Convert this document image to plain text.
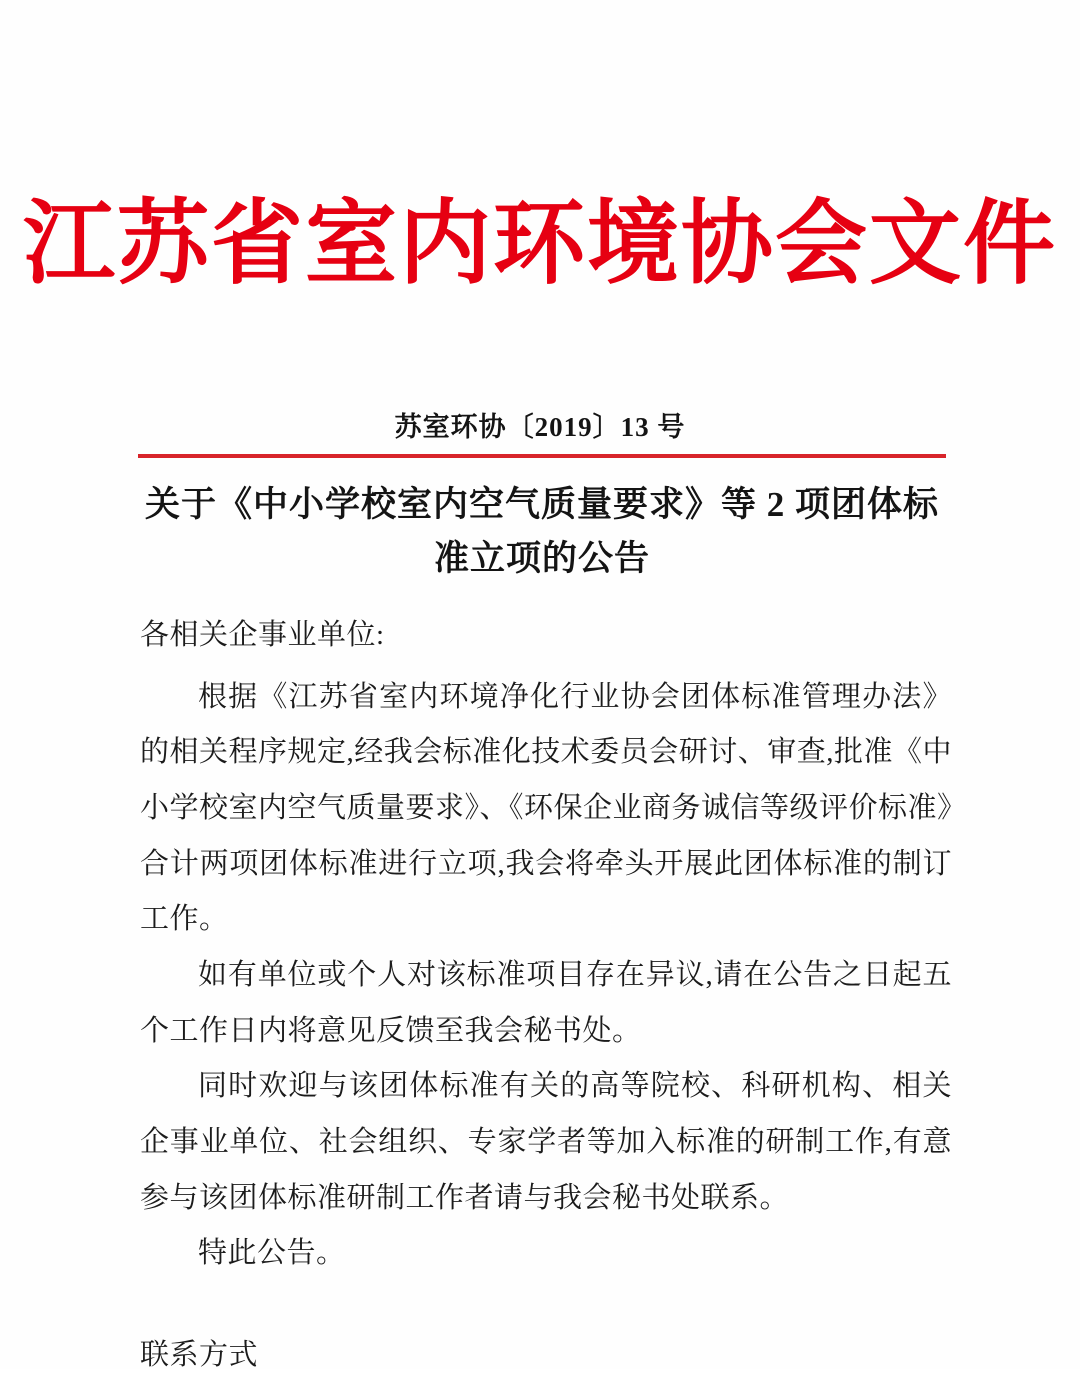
江苏省室内环境协会文件
苏室环协〔2019〕13 号
关于《中小学校室内空气质量要求》等 2 项团体标准立项的公告

各相关企事业单位:

根据《江苏省室内环境净化行业协会团体标准管理办法》的相关程序规定,经我会标准化技术委员会研讨、审查,批准《中小学校室内空气质量要求》、《环保企业商务诚信等级评价标准》合计两项团体标准进行立项,我会将牵头开展此团体标准的制订工作。

如有单位或个人对该标准项目存在异议,请在公告之日起五个工作日内将意见反馈至我会秘书处。

同时欢迎与该团体标准有关的高等院校、科研机构、相关企事业单位、社会组织、专家学者等加入标准的研制工作,有意参与该团体标准研制工作者请与我会秘书处联系。

特此公告。

联系方式
